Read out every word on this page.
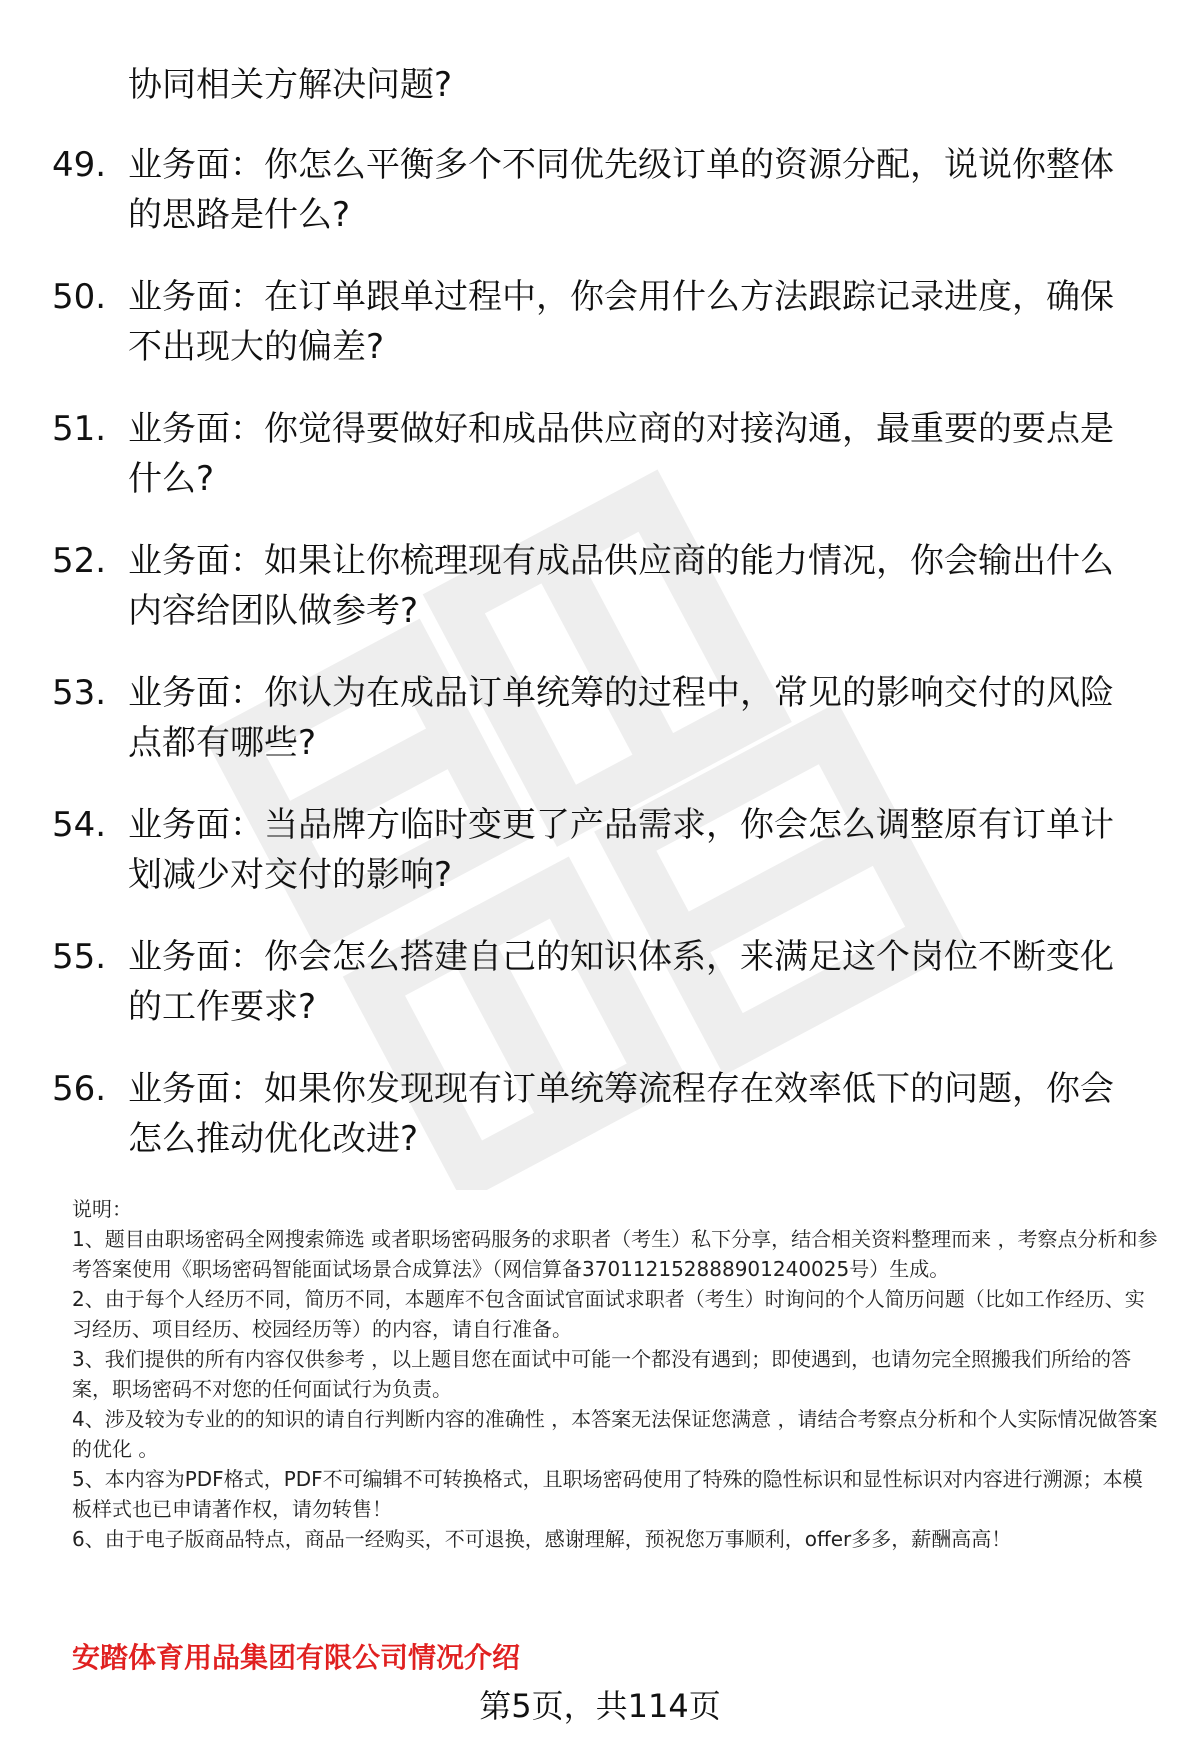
协同相关方解决问题?
49. 业务面：你怎么平衡多个不同优先级订单的资源分配，说说你整体的思路是什么?
50. 业务面：在订单跟单过程中，你会用什么方法跟踪记录进度，确保不出现大的偏差?
51. 业务面：你觉得要做好和成品供应商的对接沟通，最重要的要点是什么?
52. 业务面：如果让你梳理现有成品供应商的能力情况，你会输出什么内容给团队做参考?
53. 业务面：你认为在成品订单统筹的过程中，常见的影响交付的风险点都有哪些?
54. 业务面：当品牌方临时变更了产品需求，你会怎么调整原有订单计划减少对交付的影响?
55. 业务面：你会怎么搭建自己的知识体系，来满足这个岗位不断变化的工作要求?
56. 业务面：如果你发现现有订单统筹流程存在效率低下的问题，你会怎么推动优化改进?

说明：

1、题目由职场密码全网搜索筛选 或者职场密码服务的求职者（考生）私下分享，结合相关资料整理而来 ，考察点分析和参考答案使用《职场密码智能面试场景合成算法》（网信算备370112152888901240025号）生成。

2、由于每个人经历不同，简历不同，本题库不包含面试官面试求职者（考生）时询问的个人简历问题（比如工作经历、实习经历、项目经历、校园经历等）的内容，请自行准备。

3、我们提供的所有内容仅供参考 ，以上题目您在面试中可能一个都没有遇到；即使遇到，也请勿完全照搬我们所给的答案，职场密码不对您的任何面试行为负责。

4、涉及较为专业的的知识的请自行判断内容的准确性 ，本答案无法保证您满意 ，请结合考察点分析和个人实际情况做答案的优化 。

5、本内容为PDF格式，PDF不可编辑不可转换格式，且职场密码使用了特殊的隐性标识和显性标识对内容进行溯源；本模板样式也已申请著作权，请勿转售！

6、由于电子版商品特点，商品一经购买，不可退换，感谢理解，预祝您万事顺利，offer多多，薪酬高高！

安踏体育用品集团有限公司情况介绍
第5页，共114页
